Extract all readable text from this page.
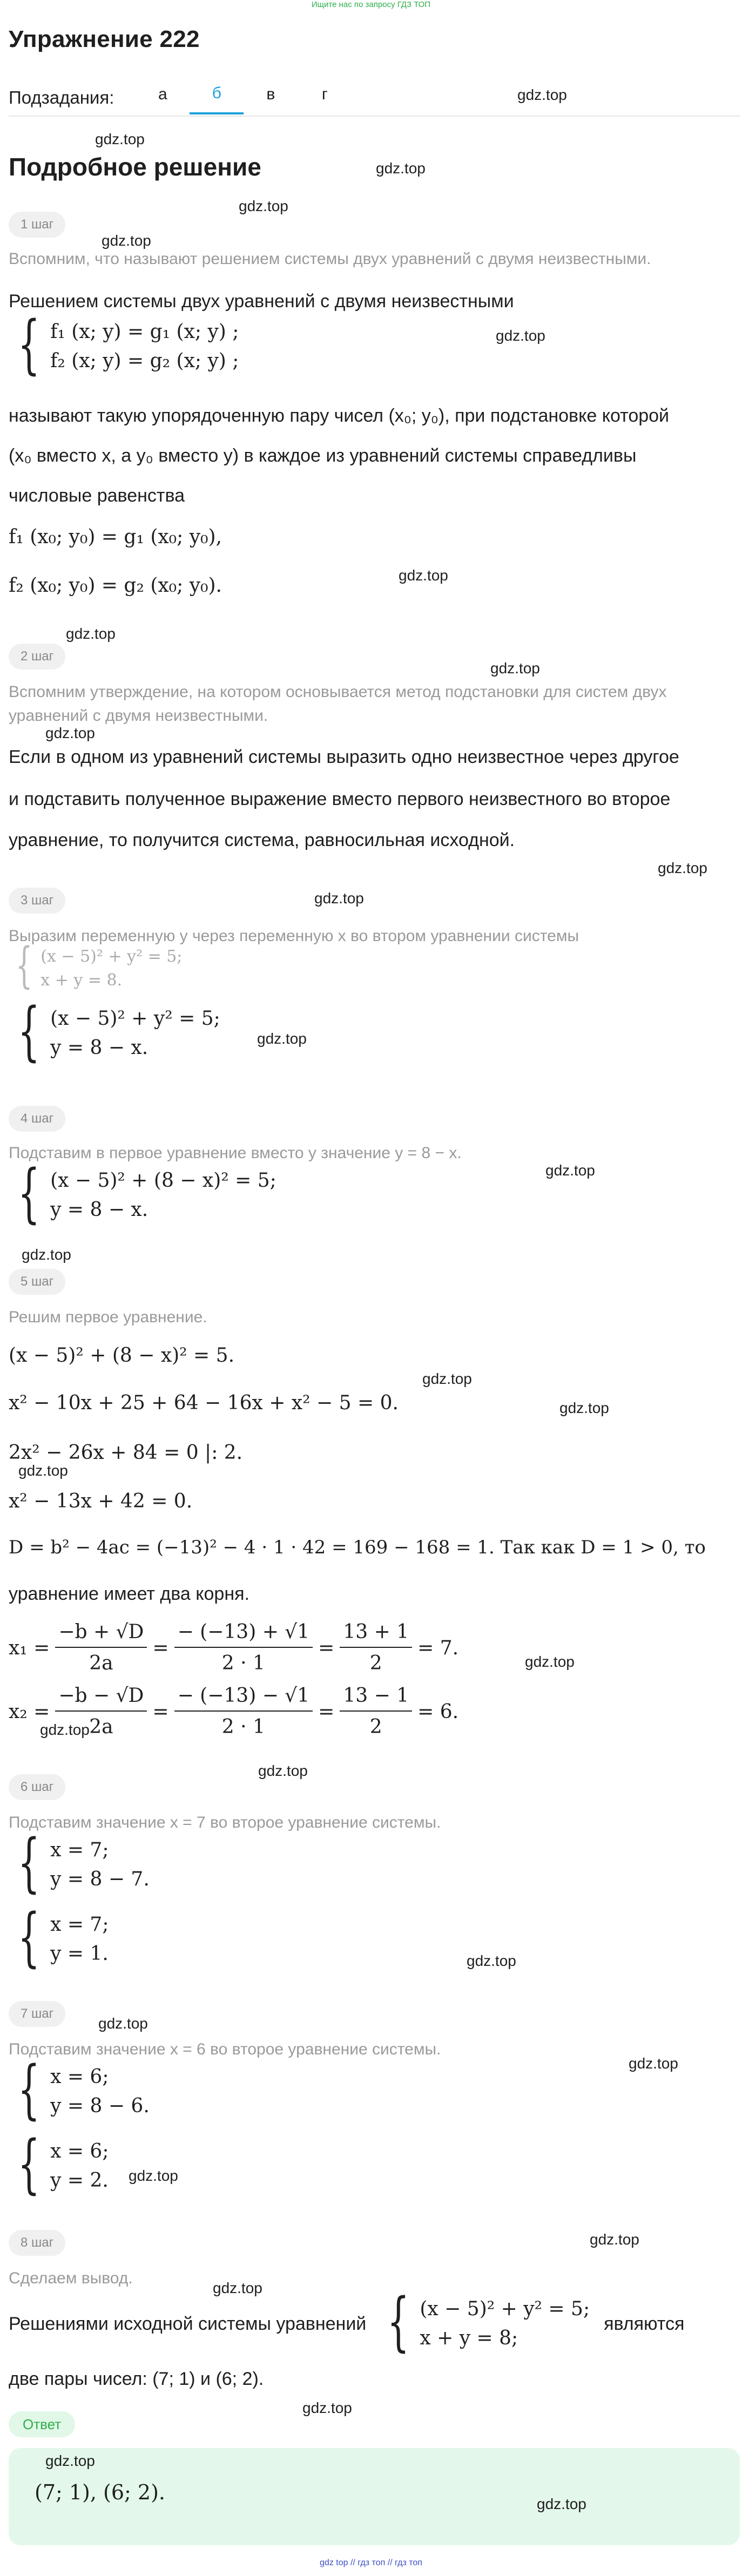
Ищите нас по запросу ГДЗ ТОП
Упражнение 222
Подзадания:	а	б	в	г
Подробное решение
1 шаг
Вспомним, что называют решением системы двух уравнений с двумя неизвестными.
Решением системы двух уравнений с двумя неизвестными
{ f₁ (x; y) = g₁ (x; y) ;
f₂ (x; y) = g₂ (x; y) ;
называют такую упорядоченную пару чисел (x₀; y₀), при подстановке которой
(x₀ вместо x, а y₀ вместо y) в каждое из уравнений системы справедливы
числовые равенства
f₁ (x₀; y₀) = g₁ (x₀; y₀),
f₂ (x₀; y₀) = g₂ (x₀; y₀).
2 шаг
Вспомним утверждение, на котором основывается метод подстановки для систем двух уравнений с двумя неизвестными.
Если в одном из уравнений системы выразить одно неизвестное через другое
и подставить полученное выражение вместо первого неизвестного во второе
уравнение, то получится система, равносильная исходной.
3 шаг
Выразим переменную y через переменную x во втором уравнении системы
{ (x − 5)² + y² = 5;
x + y = 8.
{ (x − 5)² + y² = 5;
y = 8 − x.
4 шаг
Подставим в первое уравнение вместо y значение y = 8 − x.
{ (x − 5)² + (8 − x)² = 5;
y = 8 − x.
5 шаг
Решим первое уравнение.
(x − 5)² + (8 − x)² = 5.
x² − 10x + 25 + 64 − 16x + x² − 5 = 0.
2x² − 26x + 84 = 0 |: 2.
x² − 13x + 42 = 0.
D = b² − 4ac = (−13)² − 4 · 1 · 42 = 169 − 168 = 1. Так как D = 1 > 0, то
уравнение имеет два корня.
$x_1 = \frac{-b + √D}{2a} = \frac{- (-13) + √1}{2 \cdot 1} = \frac{13 + 1}{2} = 7$.
$x_2 = \frac{-b - √D}{2a} = \frac{- (-13) - √1}{2 \cdot 1} = \frac{13 - 1}{2} = 6$.
6 шаг
Подставим значение x = 7 во второе уравнение системы.
{ x = 7;
y = 8 − 7.
{ x = 7;
y = 1.
7 шаг
Подставим значение x = 6 во второе уравнение системы.
{ x = 6;
y = 8 − 6.
{ x = 6;
y = 2.
8 шаг
Сделаем вывод.
Решениями исходной системы уравнений { (x − 5)² + y² = 5;
x + y = 8;
являются
две пары чисел: (7; 1) и (6; 2).
Ответ
(7; 1), (6; 2).
gdz.top
gdz.top
gdz.top
gdz.top
gdz.top
gdz.top
gdz.top
gdz.top
gdz.top
gdz.top
gdz.top
gdz.top
gdz.top
gdz.top
gdz.top
gdz.top
gdz.top
gdz.top
gdz.top
gdz.top
gdz.top
gdz.top
gdz.top
gdz.top
gdz.top
gdz.top
gdz.top
gdz.top
gdz.top
gdz.top
gdz top // гдз топ // гдз топ
